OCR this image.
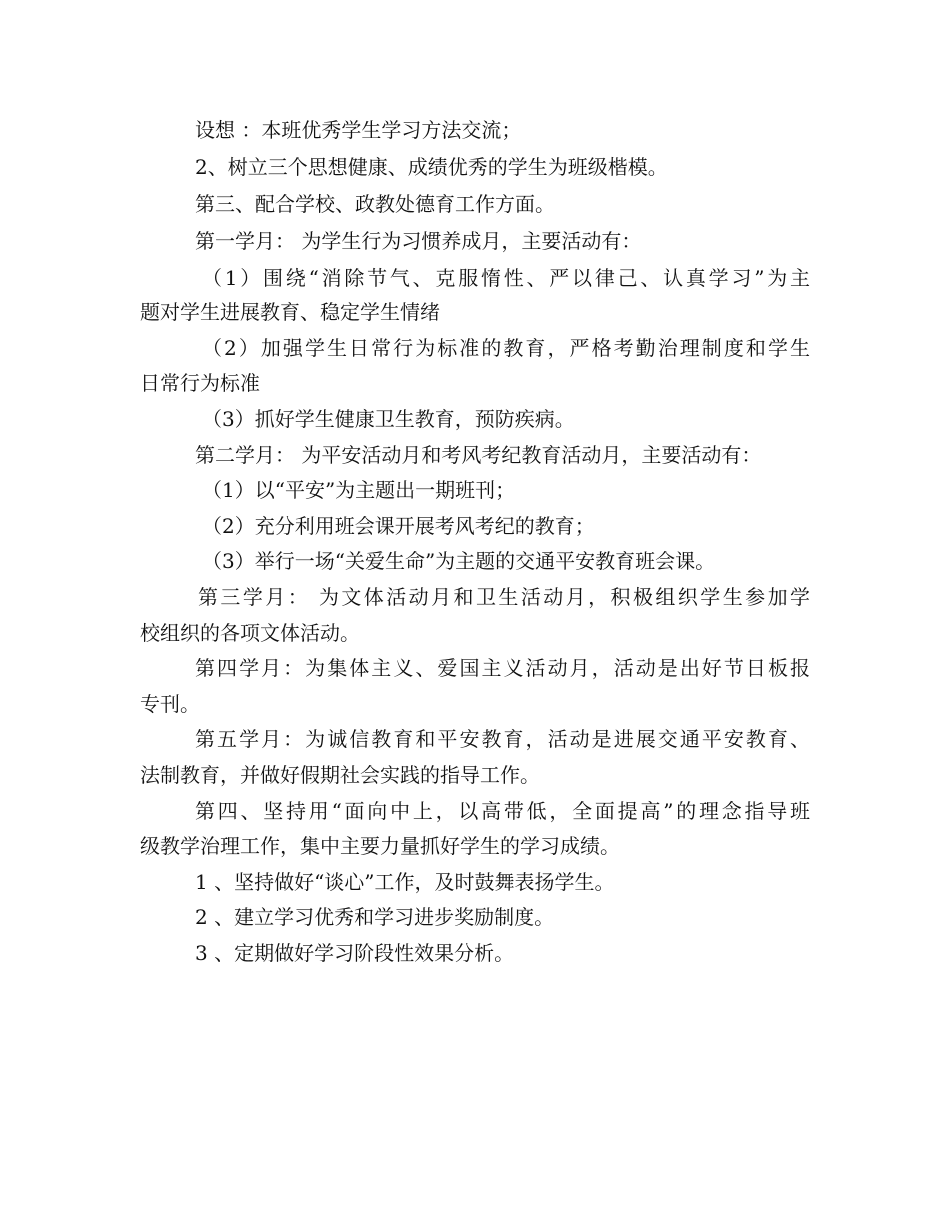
设想 ：本班优秀学生学习方法交流；

2、树立三个思想健康、成绩优秀的学生为班级楷模。

第三、配合学校、政教处德育工作方面。

第一学月： 为学生行为习惯养成月，主要活动有：

（1）围绕“消除节气、克服惰性、严以律己、认真学习”为主

题对学生进展教育、稳定学生情绪

（2）加强学生日常行为标准的教育，严格考勤治理制度和学生

日常行为标准

（3）抓好学生健康卫生教育，预防疾病。

第二学月： 为平安活动月和考风考纪教育活动月，主要活动有：

（1）以“平安”为主题出一期班刊；

（2）充分利用班会课开展考风考纪的教育；

（3）举行一场“关爱生命”为主题的交通平安教育班会课。

第三学月： 为文体活动月和卫生活动月，积极组织学生参加学

校组织的各项文体活动。

第四学月：为集体主义、爱国主义活动月，活动是出好节日板报

专刊。

第五学月：为诚信教育和平安教育，活动是进展交通平安教育、

法制教育，并做好假期社会实践的指导工作。

第四、坚持用“面向中上，以高带低，全面提高”的理念指导班

级教学治理工作，集中主要力量抓好学生的学习成绩。

1 、坚持做好“谈心”工作，及时鼓舞表扬学生。

2 、建立学习优秀和学习进步奖励制度。

3 、定期做好学习阶段性效果分析。
